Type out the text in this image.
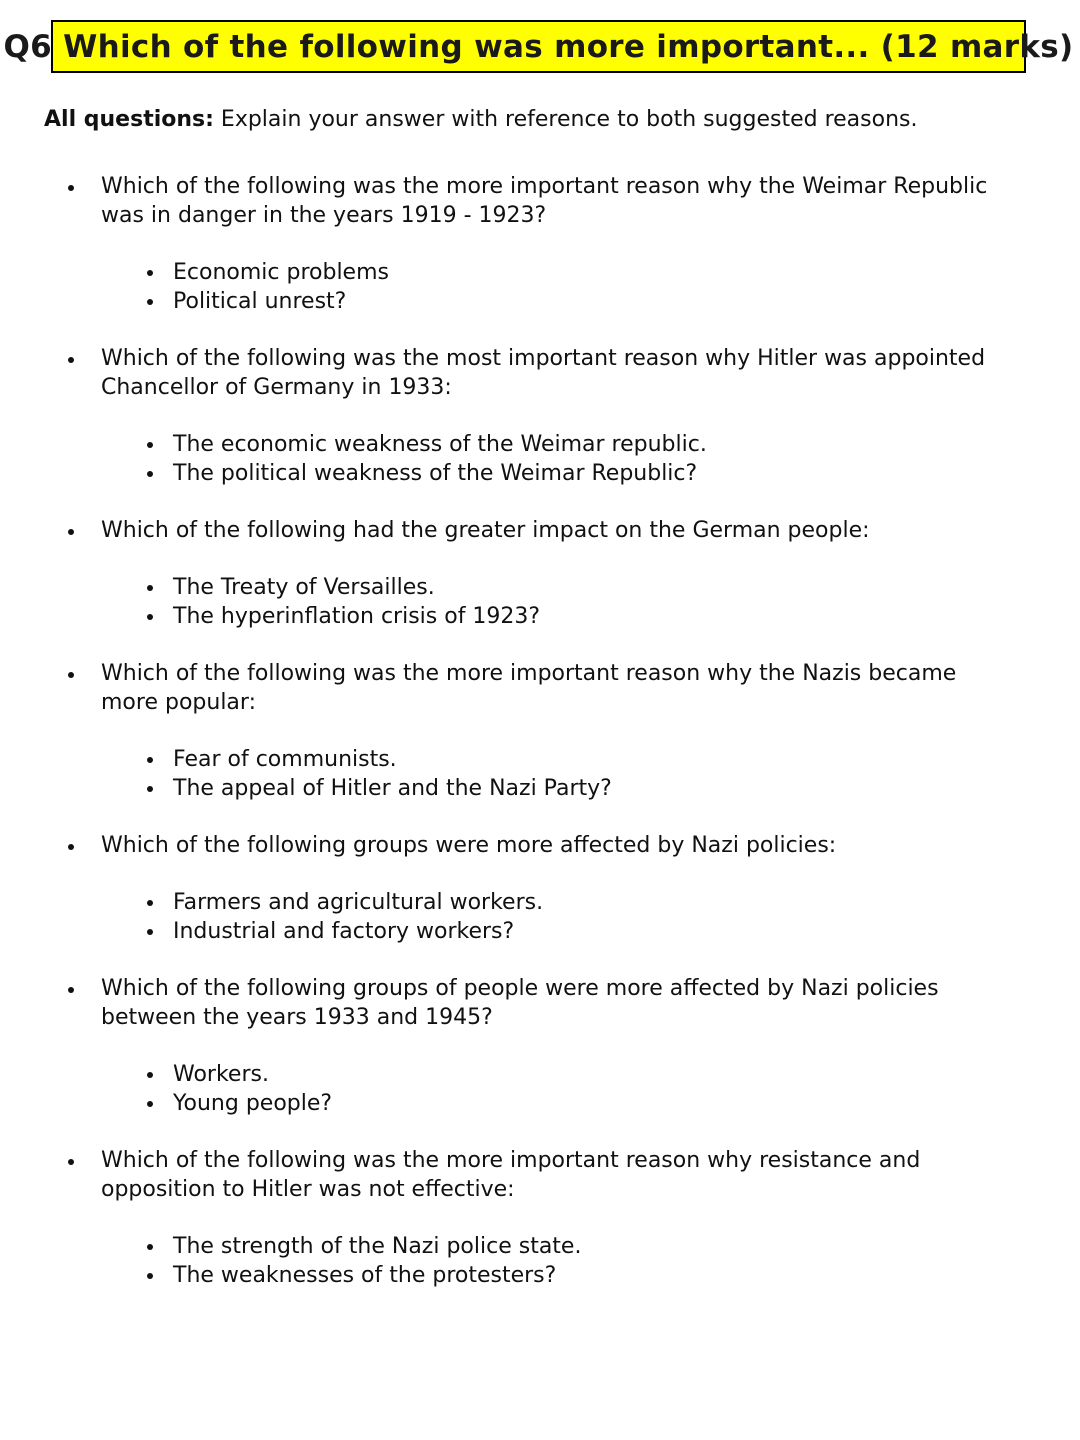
Q6 Which of the following was more important... (12 marks)
All questions: Explain your answer with reference to both suggested reasons.

Which of the following was the more important reason why the Weimar Republic was in danger in the years 1919 - 1923?

Economic problems
Political unrest?

Which of the following was the most important reason why Hitler was appointed Chancellor of Germany in 1933:

The economic weakness of the Weimar republic.
The political weakness of the Weimar Republic?

Which of the following had the greater impact on the German people:

The Treaty of Versailles.
The hyperinflation crisis of 1923?

Which of the following was the more important reason why the Nazis became more popular:

Fear of communists.
The appeal of Hitler and the Nazi Party?

Which of the following groups were more affected by Nazi policies:

Farmers and agricultural workers.
Industrial and factory workers?

Which of the following groups of people were more affected by Nazi policies between the years 1933 and 1945?

Workers.
Young people?

Which of the following was the more important reason why resistance and opposition to Hitler was not effective:

The strength of the Nazi police state.
The weaknesses of the protesters?
